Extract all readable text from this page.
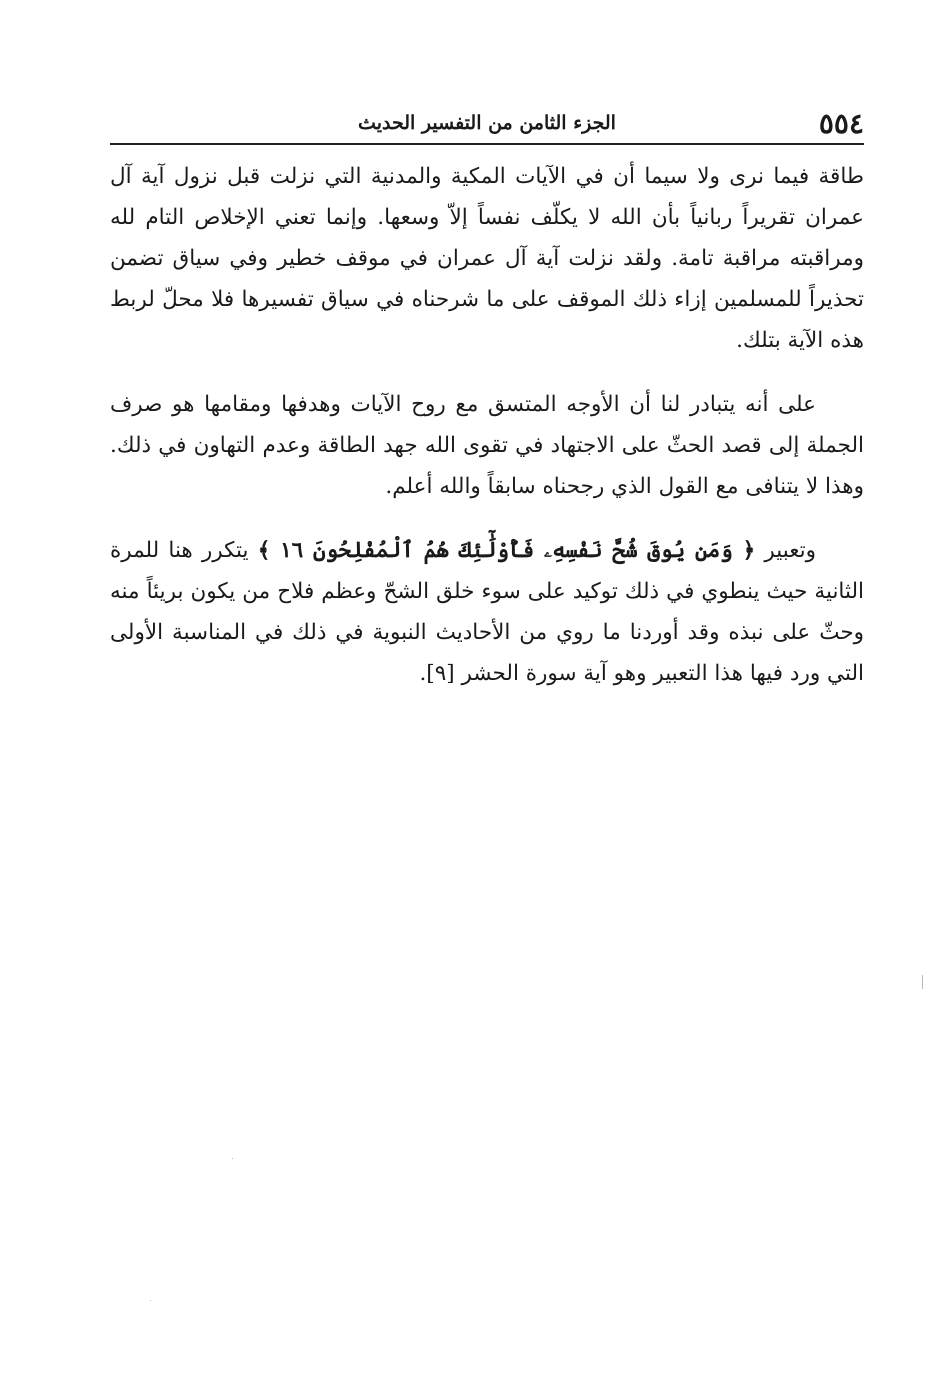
٥٥٤
الجزء الثامن من التفسير الحديث

طاقة فيما نرى ولا سيما أن في الآيات المكية والمدنية التي نزلت قبل نزول آية آل عمران تقريراً ربانياً بأن الله لا يكلّف نفساً إلاّ وسعها. وإنما تعني الإخلاص التام لله ومراقبته مراقبة تامة. ولقد نزلت آية آل عمران في موقف خطير وفي سياق تضمن تحذيراً للمسلمين إزاء ذلك الموقف على ما شرحناه في سياق تفسيرها فلا محلّ لربط هذه الآية بتلك.

على أنه يتبادر لنا أن الأوجه المتسق مع روح الآيات وهدفها ومقامها هو صرف الجملة إلى قصد الحثّ على الاجتهاد في تقوى الله جهد الطاقة وعدم التهاون في ذلك. وهذا لا يتنافى مع القول الذي رجحناه سابقاً والله أعلم.

وتعبير ﴿ وَمَن يُوقَ شُحَّ نَفْسِهِۦ فَأُوْلَٰٓئِكَ هُمُ ٱلْمُفْلِحُونَ ١٦ ﴾ يتكرر هنا للمرة الثانية حيث ينطوي في ذلك توكيد على سوء خلق الشحّ وعظم فلاح من يكون بريئاً منه وحثّ على نبذه وقد أوردنا ما روي من الأحاديث النبوية في ذلك في المناسبة الأولى التي ورد فيها هذا التعبير وهو آية سورة الحشر [٩].
